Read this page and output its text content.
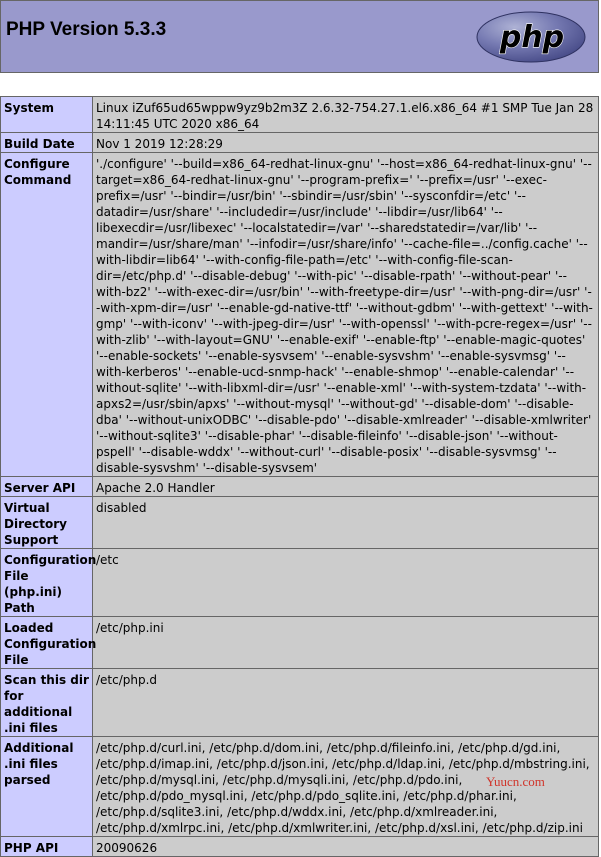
PHP Version 5.3.3	php
System	Linux iZuf65ud65wppw9yz9b2m3Z 2.6.32-754.27.1.el6.x86_64 #1 SMP Tue Jan 28 14:11:45 UTC 2020 x86_64
Build Date	Nov 1 2019 12:28:29
Configure Command	'./configure' '--build=x86_64-redhat-linux-gnu' '--host=x86_64-redhat-linux-gnu' '--target=x86_64-redhat-linux-gnu' '--program-prefix=' '--prefix=/usr' '--exec-prefix=/usr' '--bindir=/usr/bin' '--sbindir=/usr/sbin' '--sysconfdir=/etc' '--datadir=/usr/share' '--includedir=/usr/include' '--libdir=/usr/lib64' '--libexecdir=/usr/libexec' '--localstatedir=/var' '--sharedstatedir=/var/lib' '--mandir=/usr/share/man' '--infodir=/usr/share/info' '--cache-file=../config.cache' '--with-libdir=lib64' '--with-config-file-path=/etc' '--with-config-file-scan-dir=/etc/php.d' '--disable-debug' '--with-pic' '--disable-rpath' '--without-pear' '--with-bz2' '--with-exec-dir=/usr/bin' '--with-freetype-dir=/usr' '--with-png-dir=/usr' '--with-xpm-dir=/usr' '--enable-gd-native-ttf' '--without-gdbm' '--with-gettext' '--with-gmp' '--with-iconv' '--with-jpeg-dir=/usr' '--with-openssl' '--with-pcre-regex=/usr' '--with-zlib' '--with-layout=GNU' '--enable-exif' '--enable-ftp' '--enable-magic-quotes' '--enable-sockets' '--enable-sysvsem' '--enable-sysvshm' '--enable-sysvmsg' '--with-kerberos' '--enable-ucd-snmp-hack' '--enable-shmop' '--enable-calendar' '--without-sqlite' '--with-libxml-dir=/usr' '--enable-xml' '--with-system-tzdata' '--with-apxs2=/usr/sbin/apxs' '--without-mysql' '--without-gd' '--disable-dom' '--disable-dba' '--without-unixODBC' '--disable-pdo' '--disable-xmlreader' '--disable-xmlwriter' '--without-sqlite3' '--disable-phar' '--disable-fileinfo' '--disable-json' '--without-pspell' '--disable-wddx' '--without-curl' '--disable-posix' '--disable-sysvmsg' '--disable-sysvshm' '--disable-sysvsem'
Server API	Apache 2.0 Handler
Virtual Directory Support	disabled
Configuration File (php.ini) Path	/etc
Loaded Configuration File	/etc/php.ini
Scan this dir for additional .ini files	/etc/php.d
Additional .ini files parsed	/etc/php.d/curl.ini, /etc/php.d/dom.ini, /etc/php.d/fileinfo.ini, /etc/php.d/gd.ini, /etc/php.d/imap.ini, /etc/php.d/json.ini, /etc/php.d/ldap.ini, /etc/php.d/mbstring.ini, /etc/php.d/mysql.ini, /etc/php.d/mysqli.ini, /etc/php.d/pdo.ini, /etc/php.d/pdo_mysql.ini, /etc/php.d/pdo_sqlite.ini, /etc/php.d/phar.ini, /etc/php.d/sqlite3.ini, /etc/php.d/wddx.ini, /etc/php.d/xmlreader.ini, /etc/php.d/xmlrpc.ini, /etc/php.d/xmlwriter.ini, /etc/php.d/xsl.ini, /etc/php.d/zip.ini
PHP API	20090626
Yuucn.com
